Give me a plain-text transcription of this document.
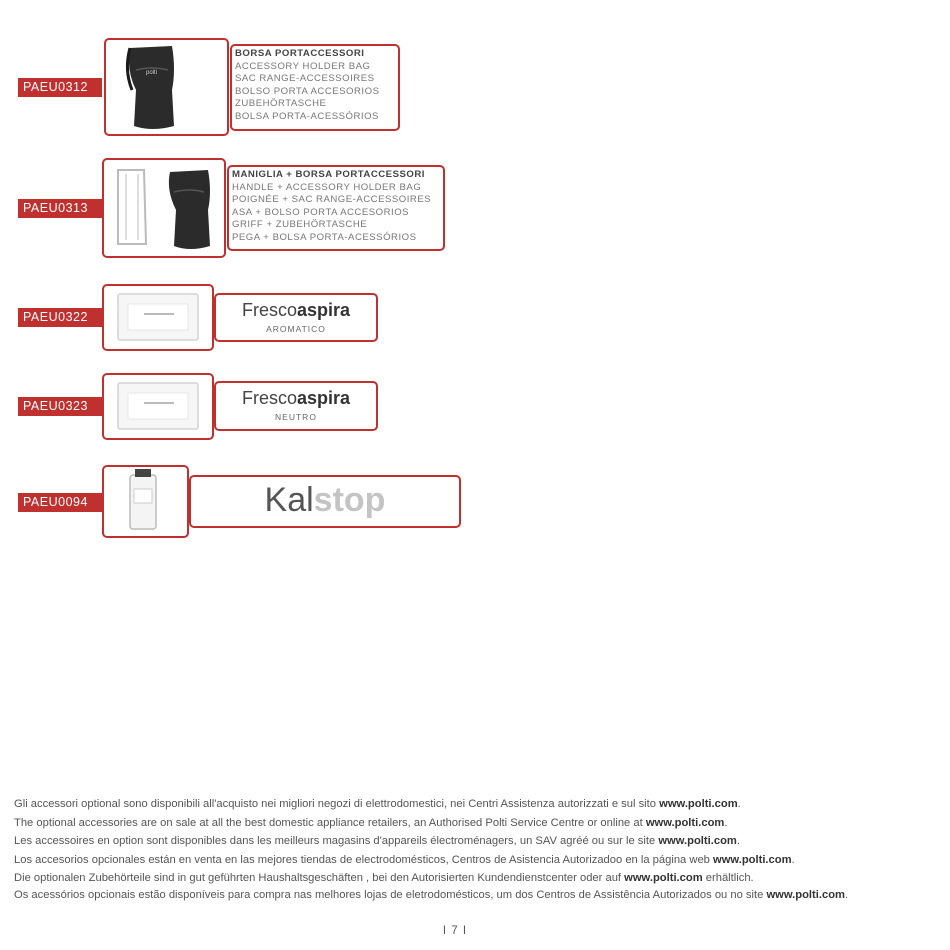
PAEU0312
polti
BORSA PORTACCESSORI
ACCESSORY HOLDER BAG
SAC RANGE-ACCESSOIRES
BOLSO PORTA ACCESORIOS
ZUBEHÖRTASCHE
BOLSA PORTA-ACESSÓRIOS
PAEU0313
MANIGLIA + BORSA PORTACCESSORI
HANDLE + ACCESSORY HOLDER BAG
POIGNÉE + SAC RANGE-ACCESSOIRES
ASA + BOLSO PORTA ACCESORIOS
GRIFF + ZUBEHÖRTASCHE
PEGA + BOLSA PORTA-ACESSÓRIOS
PAEU0322	Frescoaspira
AROMATICO
PAEU0323	Frescoaspira
NEUTRO
PAEU0094	Kalstop

Gli accessori optional sono disponibili all'acquisto nei migliori negozi di elettrodomestici, nei Centri Assistenza autorizzati e sul sito www.polti.com.

The optional accessories are on sale at all the best domestic appliance retailers, an Authorised Polti Service Centre or online at www.polti.com.

Les accessoires en option sont disponibles dans les meilleurs magasins d'appareils électroménagers, un SAV agréé ou sur le site www.polti.com.

Los accesorios opcionales están en venta en las mejores tiendas de electrodomésticos, Centros de Asistencia Autorizadoo en la página web www.polti.com.

Die optionalen Zubehörteile sind in gut geführten Haushaltsgeschäften , bei den Autorisierten Kundendienstcenter oder auf www.polti.com erhältlich.

Os acessórios opcionais estão disponíveis para compra nas melhores lojas de eletrodomésticos, um dos Centros de Assistência Autorizados ou no site www.polti.com.

I 7 I
